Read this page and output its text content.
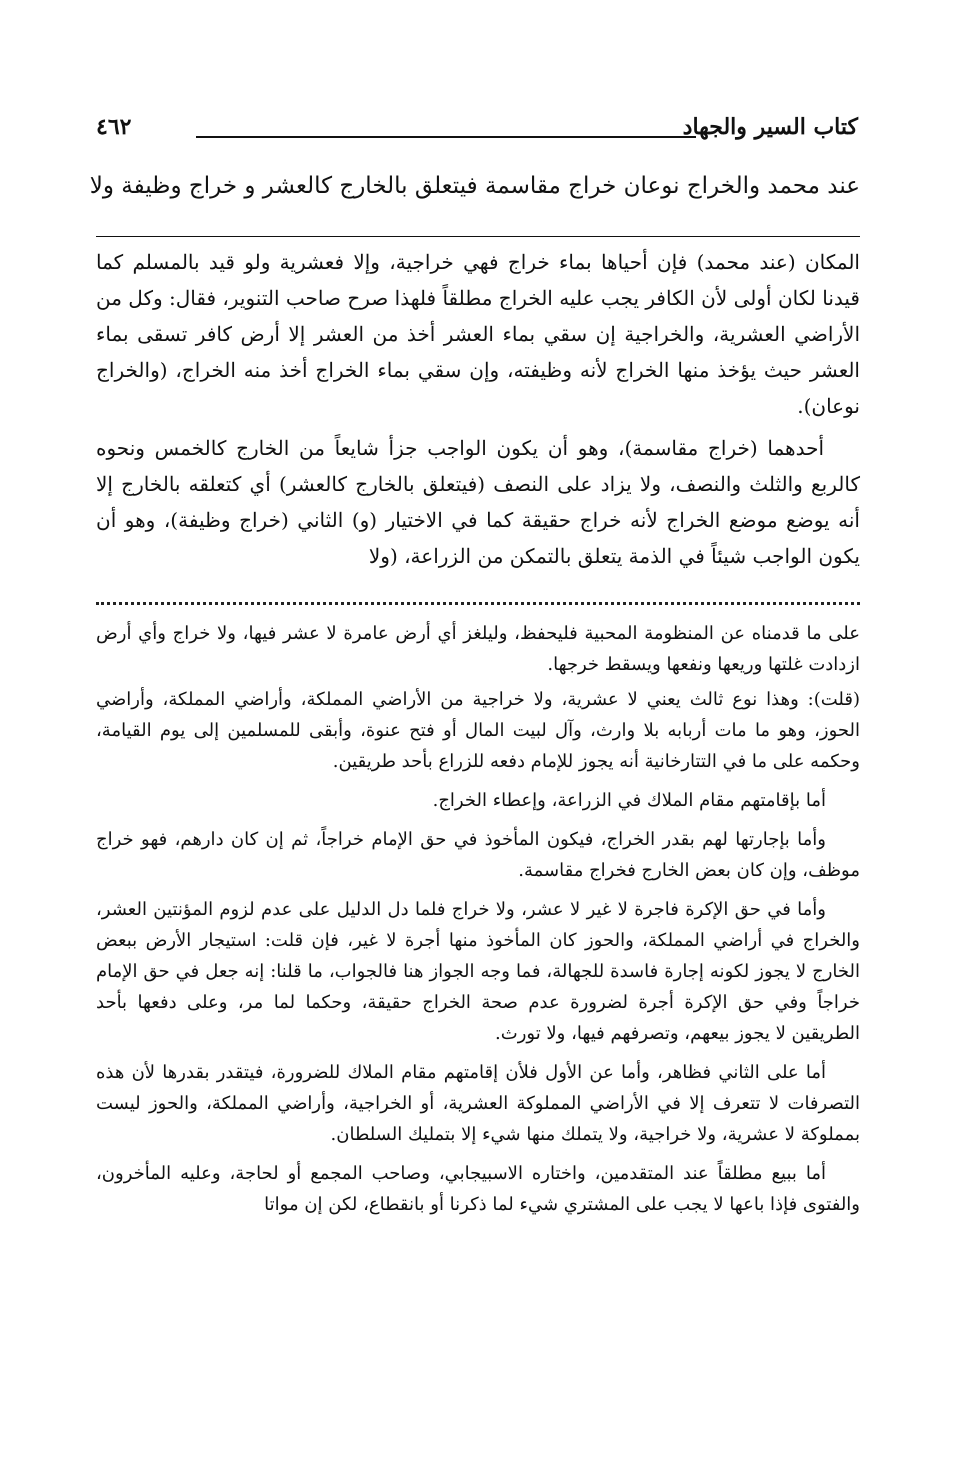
كتاب السير والجهاد
٤٦٢
عند محمد والخراج نوعان خراج مقاسمة فيتعلق بالخارج كالعشر و خراج وظيفة ولا

المكان (عند محمد) فإن أحياها بماء خراج فهي خراجية، وإلا فعشرية ولو قيد بالمسلم كما قيدنا لكان أولى لأن الكافر يجب عليه الخراج مطلقاً فلهذا صرح صاحب التنوير، فقال: وكل من الأراضي العشرية، والخراجية إن سقي بماء العشر أخذ من العشر إلا أرض كافر تسقى بماء العشر حيث يؤخذ منها الخراج لأنه وظيفته، وإن سقي بماء الخراج أخذ منه الخراج، (والخراج نوعان).

أحدهما (خراج مقاسمة)، وهو أن يكون الواجب جزأ شايعاً من الخارج كالخمس ونحوه كالربع والثلث والنصف، ولا يزاد على النصف (فيتعلق بالخارج كالعشر) أي كتعلقه بالخارج إلا أنه يوضع موضع الخراج لأنه خراج حقيقة كما في الاختيار (و) الثاني (خراج وظيفة)، وهو أن يكون الواجب شيئاً في الذمة يتعلق بالتمكن من الزراعة، (ولا

على ما قدمناه عن المنظومة المحبية فليحفظ، وليلغز أي أرض عامرة لا عشر فيها، ولا خراج وأي أرض ازدادت غلتها وريعها ونفعها ويسقط خرجها.

(قلت): وهذا نوع ثالث يعني لا عشرية، ولا خراجية من الأراضي المملكة، وأراضي المملكة، وأراضي الحوز، وهو ما مات أربابه بلا وارث، وآل لبيت المال أو فتح عنوة، وأبقى للمسلمين إلى يوم القيامة، وحكمه على ما في التتارخانية أنه يجوز للإمام دفعه للزراع بأحد طريقين.

أما بإقامتهم مقام الملاك في الزراعة، وإعطاء الخراج.

وأما بإجارتها لهم بقدر الخراج، فيكون المأخوذ في حق الإمام خراجاً، ثم إن كان دارهم، فهو خراج موظف، وإن كان بعض الخارج فخراج مقاسمة.

وأما في حق الإكرة فاجرة لا غير لا عشر، ولا خراج فلما دل الدليل على عدم لزوم المؤنتين العشر، والخراج في أراضي المملكة، والحوز كان المأخوذ منها أجرة لا غير، فإن قلت: استيجار الأرض ببعض الخارج لا يجوز لكونه إجارة فاسدة للجهالة، فما وجه الجواز هنا فالجواب، ما قلنا: إنه جعل في حق الإمام خراجاً وفي حق الإكرة أجرة لضرورة عدم صحة الخراج حقيقة، وحكما لما مر، وعلى دفعها بأحد الطريقين لا يجوز بيعهم، وتصرفهم فيها، ولا تورث.

أما على الثاني فظاهر، وأما عن الأول فلأن إقامتهم مقام الملاك للضرورة، فيتقدر بقدرها لأن هذه التصرفات لا تتعرف إلا في الأراضي المملوكة العشرية، أو الخراجية، وأراضي المملكة، والحوز ليست بمملوكة لا عشرية، ولا خراجية، ولا يتملك منها شيء إلا بتمليك السلطان.

أما ببيع مطلقاً عند المتقدمين، واختاره الاسبيجابي، وصاحب المجمع أو لحاجة، وعليه المأخرون، والفتوى فإذا باعها لا يجب على المشتري شيء لما ذكرنا أو بانقطاع، لكن إن مواتا
